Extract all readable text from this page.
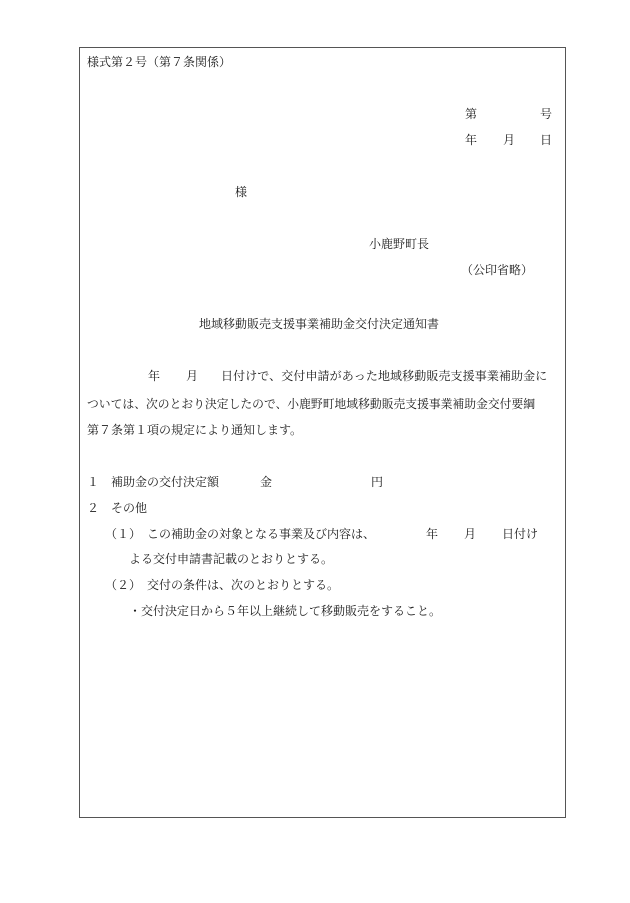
様式第２号（第７条関係）
第	号
年 月 日
様
小鹿野町長
（公印省略）
地域移動販売支援事業補助金交付決定通知書
年 月 日付けで、交付申請があった地域移動販売支援事業補助金に
ついては、次のとおり決定したので、小鹿野町地域移動販売支援事業補助金交付要綱
第７条第１項の規定により通知します。
１　補助金の交付決定額	金	円
２　その他
（１）　この補助金の対象となる事業及び内容は、	年 月 日付け
よる交付申請書記載のとおりとする。
（２）　交付の条件は、次のとおりとする。
・交付決定日から５年以上継続して移動販売をすること。
